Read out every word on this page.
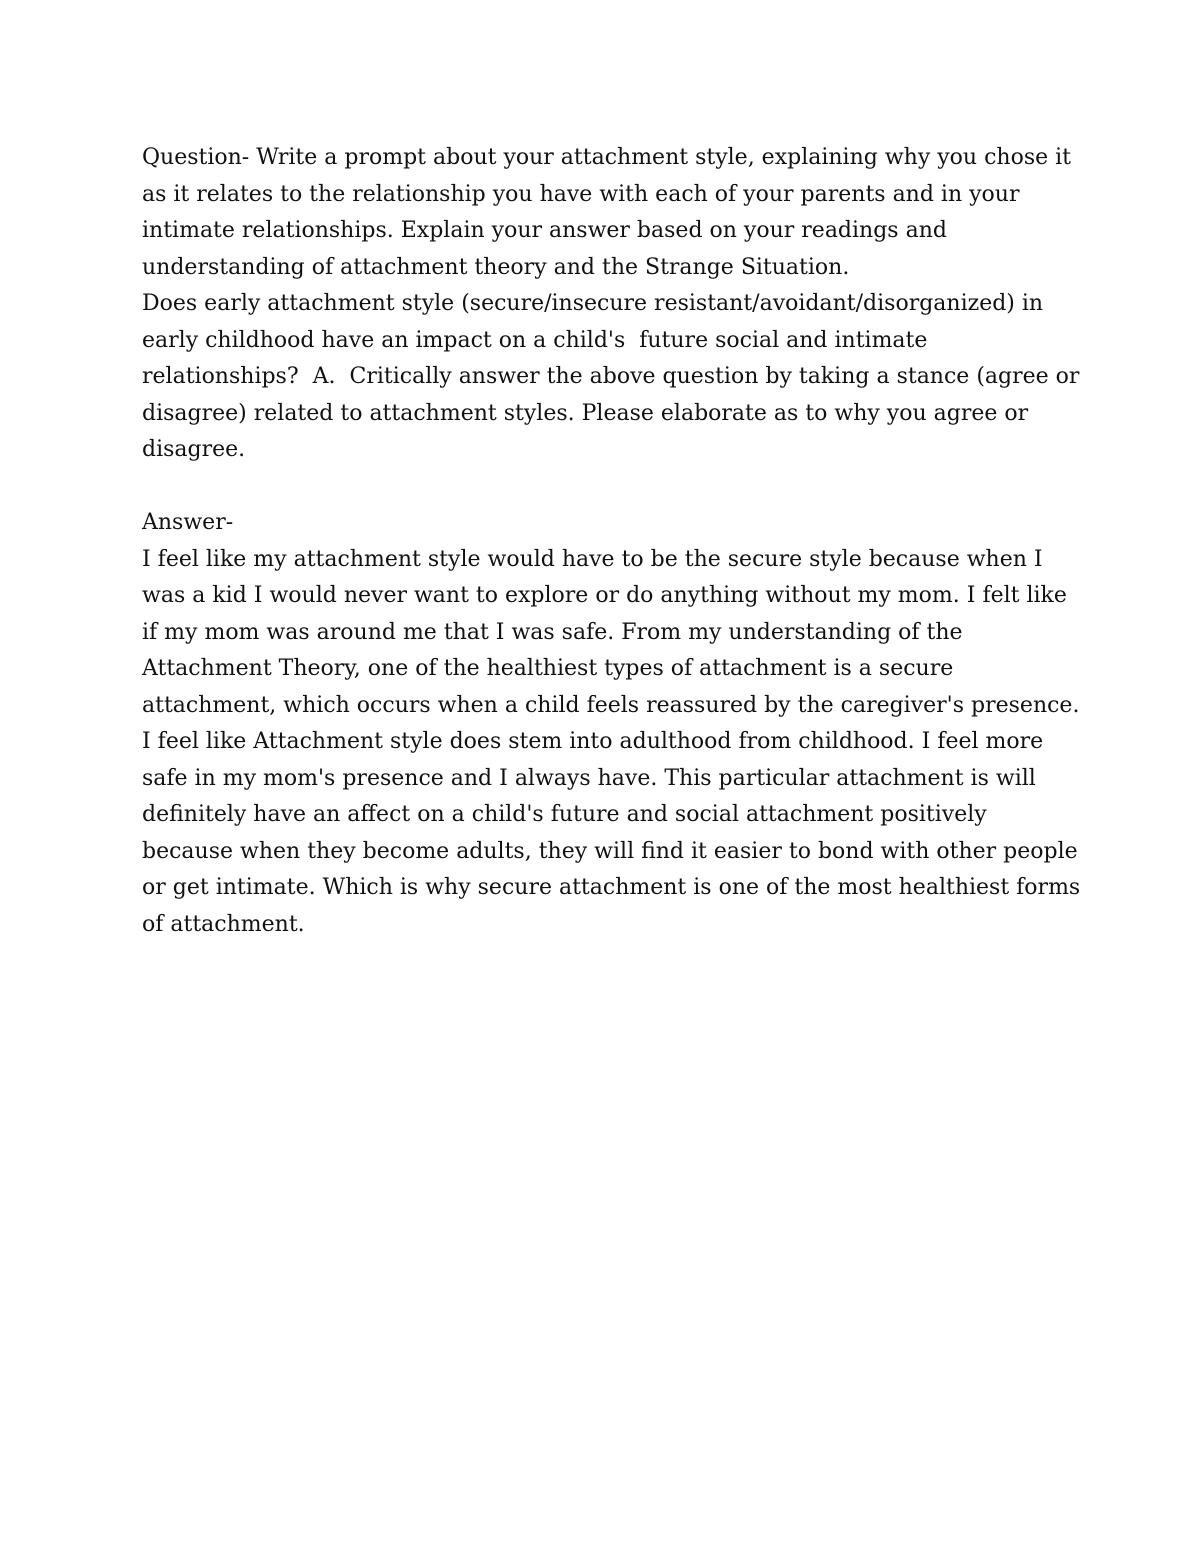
Question- Write a prompt about your attachment style, explaining why you chose it
as it relates to the relationship you have with each of your parents and in your
intimate relationships. Explain your answer based on your readings and
understanding of attachment theory and the Strange Situation.
Does early attachment style (secure/insecure resistant/avoidant/disorganized) in
early childhood have an impact on a child's  future social and intimate
relationships?  A.  Critically answer the above question by taking a stance (agree or
disagree) related to attachment styles. Please elaborate as to why you agree or
disagree.
Answer-
I feel like my attachment style would have to be the secure style because when I
was a kid I would never want to explore or do anything without my mom. I felt like
if my mom was around me that I was safe. From my understanding of the
Attachment Theory, one of the healthiest types of attachment is a secure
attachment, which occurs when a child feels reassured by the caregiver's presence.
I feel like Attachment style does stem into adulthood from childhood. I feel more
safe in my mom's presence and I always have. This particular attachment is will
definitely have an affect on a child's future and social attachment positively
because when they become adults, they will find it easier to bond with other people
or get intimate. Which is why secure attachment is one of the most healthiest forms
of attachment.
